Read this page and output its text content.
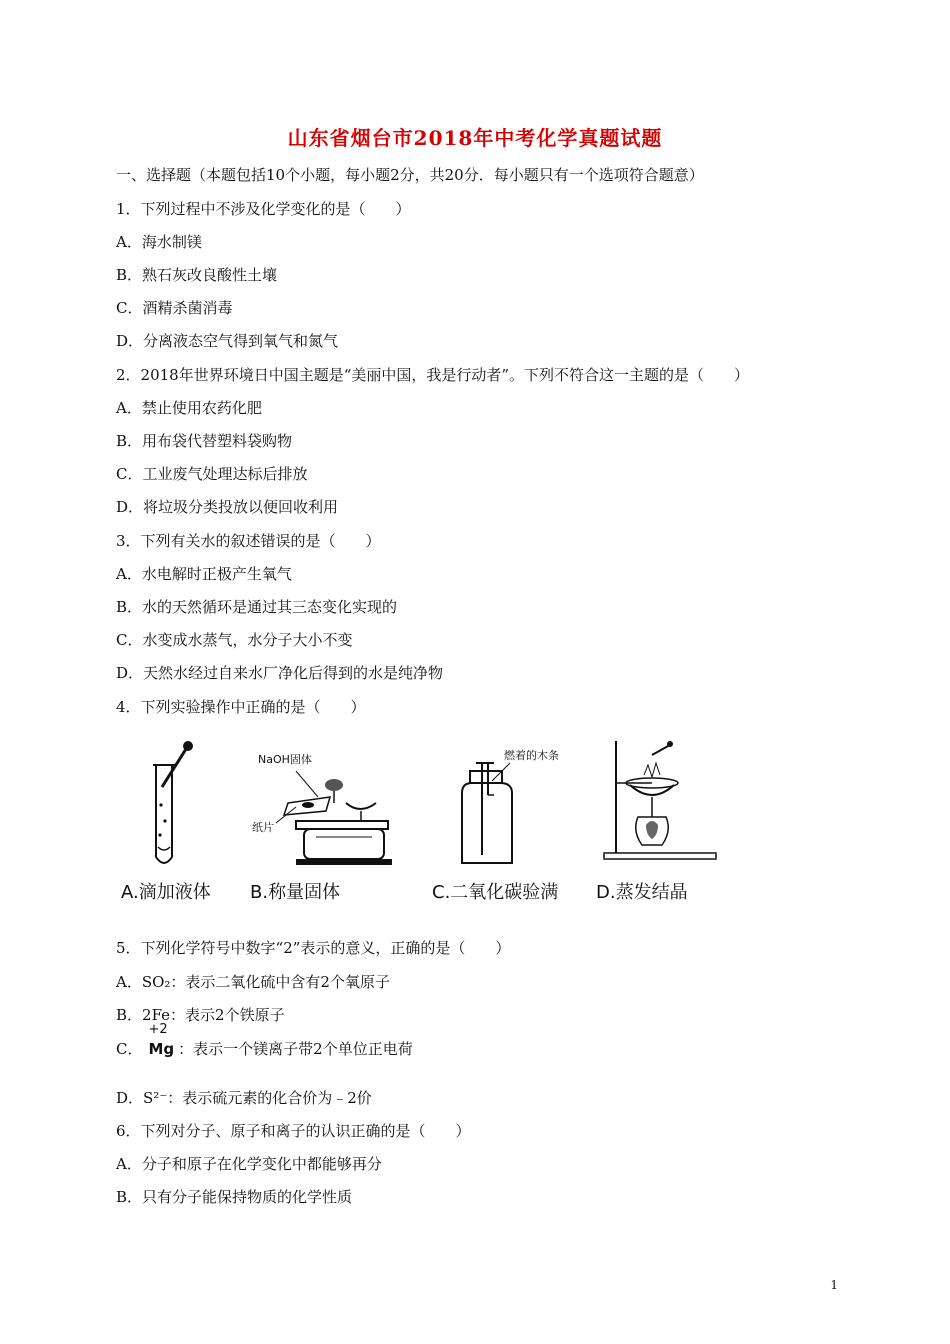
山东省烟台市2018年中考化学真题试题
一、选择题（本题包括10个小题，每小题2分，共20分．每小题只有一个选项符合题意）
1．下列过程中不涉及化学变化的是（　　）
A．海水制镁
B．熟石灰改良酸性土壤
C．酒精杀菌消毒
D．分离液态空气得到氧气和氮气
2．2018年世界环境日中国主题是“美丽中国，我是行动者”。下列不符合这一主题的是（　　）
A．禁止使用农药化肥
B．用布袋代替塑料袋购物
C．工业废气处理达标后排放
D．将垃圾分类投放以便回收利用
3．下列有关水的叙述错误的是（　　）
A．水电解时正极产生氧气
B．水的天然循环是通过其三态变化实现的
C．水变成水蒸气，水分子大小不变
D．天然水经过自来水厂净化后得到的水是纯净物
4．下列实验操作中正确的是（　　）
A.滴加液体
NaOH固体
纸片
B.称量固体
燃着的木条
C.二氧化碳验满 D.蒸发结晶
5．下列化学符号中数字“2”表示的意义，正确的是（　　）
A．SO₂：表示二氧化硫中含有2个氧原子
B．2Fe：表示2个铁原子
C．
+2
Mg ：表示一个镁离子带2个单位正电荷
D．S²⁻：表示硫元素的化合价为﹣2价
6．下列对分子、原子和离子的认识正确的是（　　）
A．分子和原子在化学变化中都能够再分
B．只有分子能保持物质的化学性质
1
